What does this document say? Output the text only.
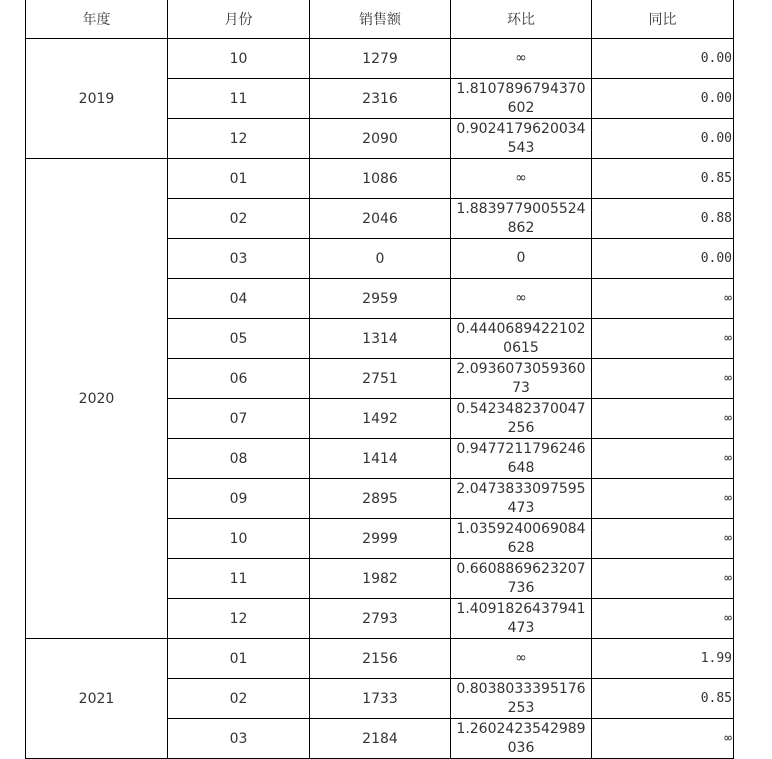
年度	月份	销售额	环比	同比
2019	10	1279	∞	0.00
	11	2316	1.8107896794370602	0.00
	12	2090	0.9024179620034543	0.00
2020	01	1086	∞	0.85
	02	2046	1.8839779005524862	0.88
	03	0	0	0.00
	04	2959	∞	∞
	05	1314	0.44406894221020615	∞
	06	2751	2.093607305936073	∞
	07	1492	0.5423482370047256	∞
	08	1414	0.9477211796246648	∞
	09	2895	2.0473833097595473	∞
	10	2999	1.0359240069084628	∞
	11	1982	0.6608869623207736	∞
	12	2793	1.4091826437941473	∞
2021	01	2156	∞	1.99
	02	1733	0.8038033395176253	0.85
	03	2184	1.2602423542989036	∞
